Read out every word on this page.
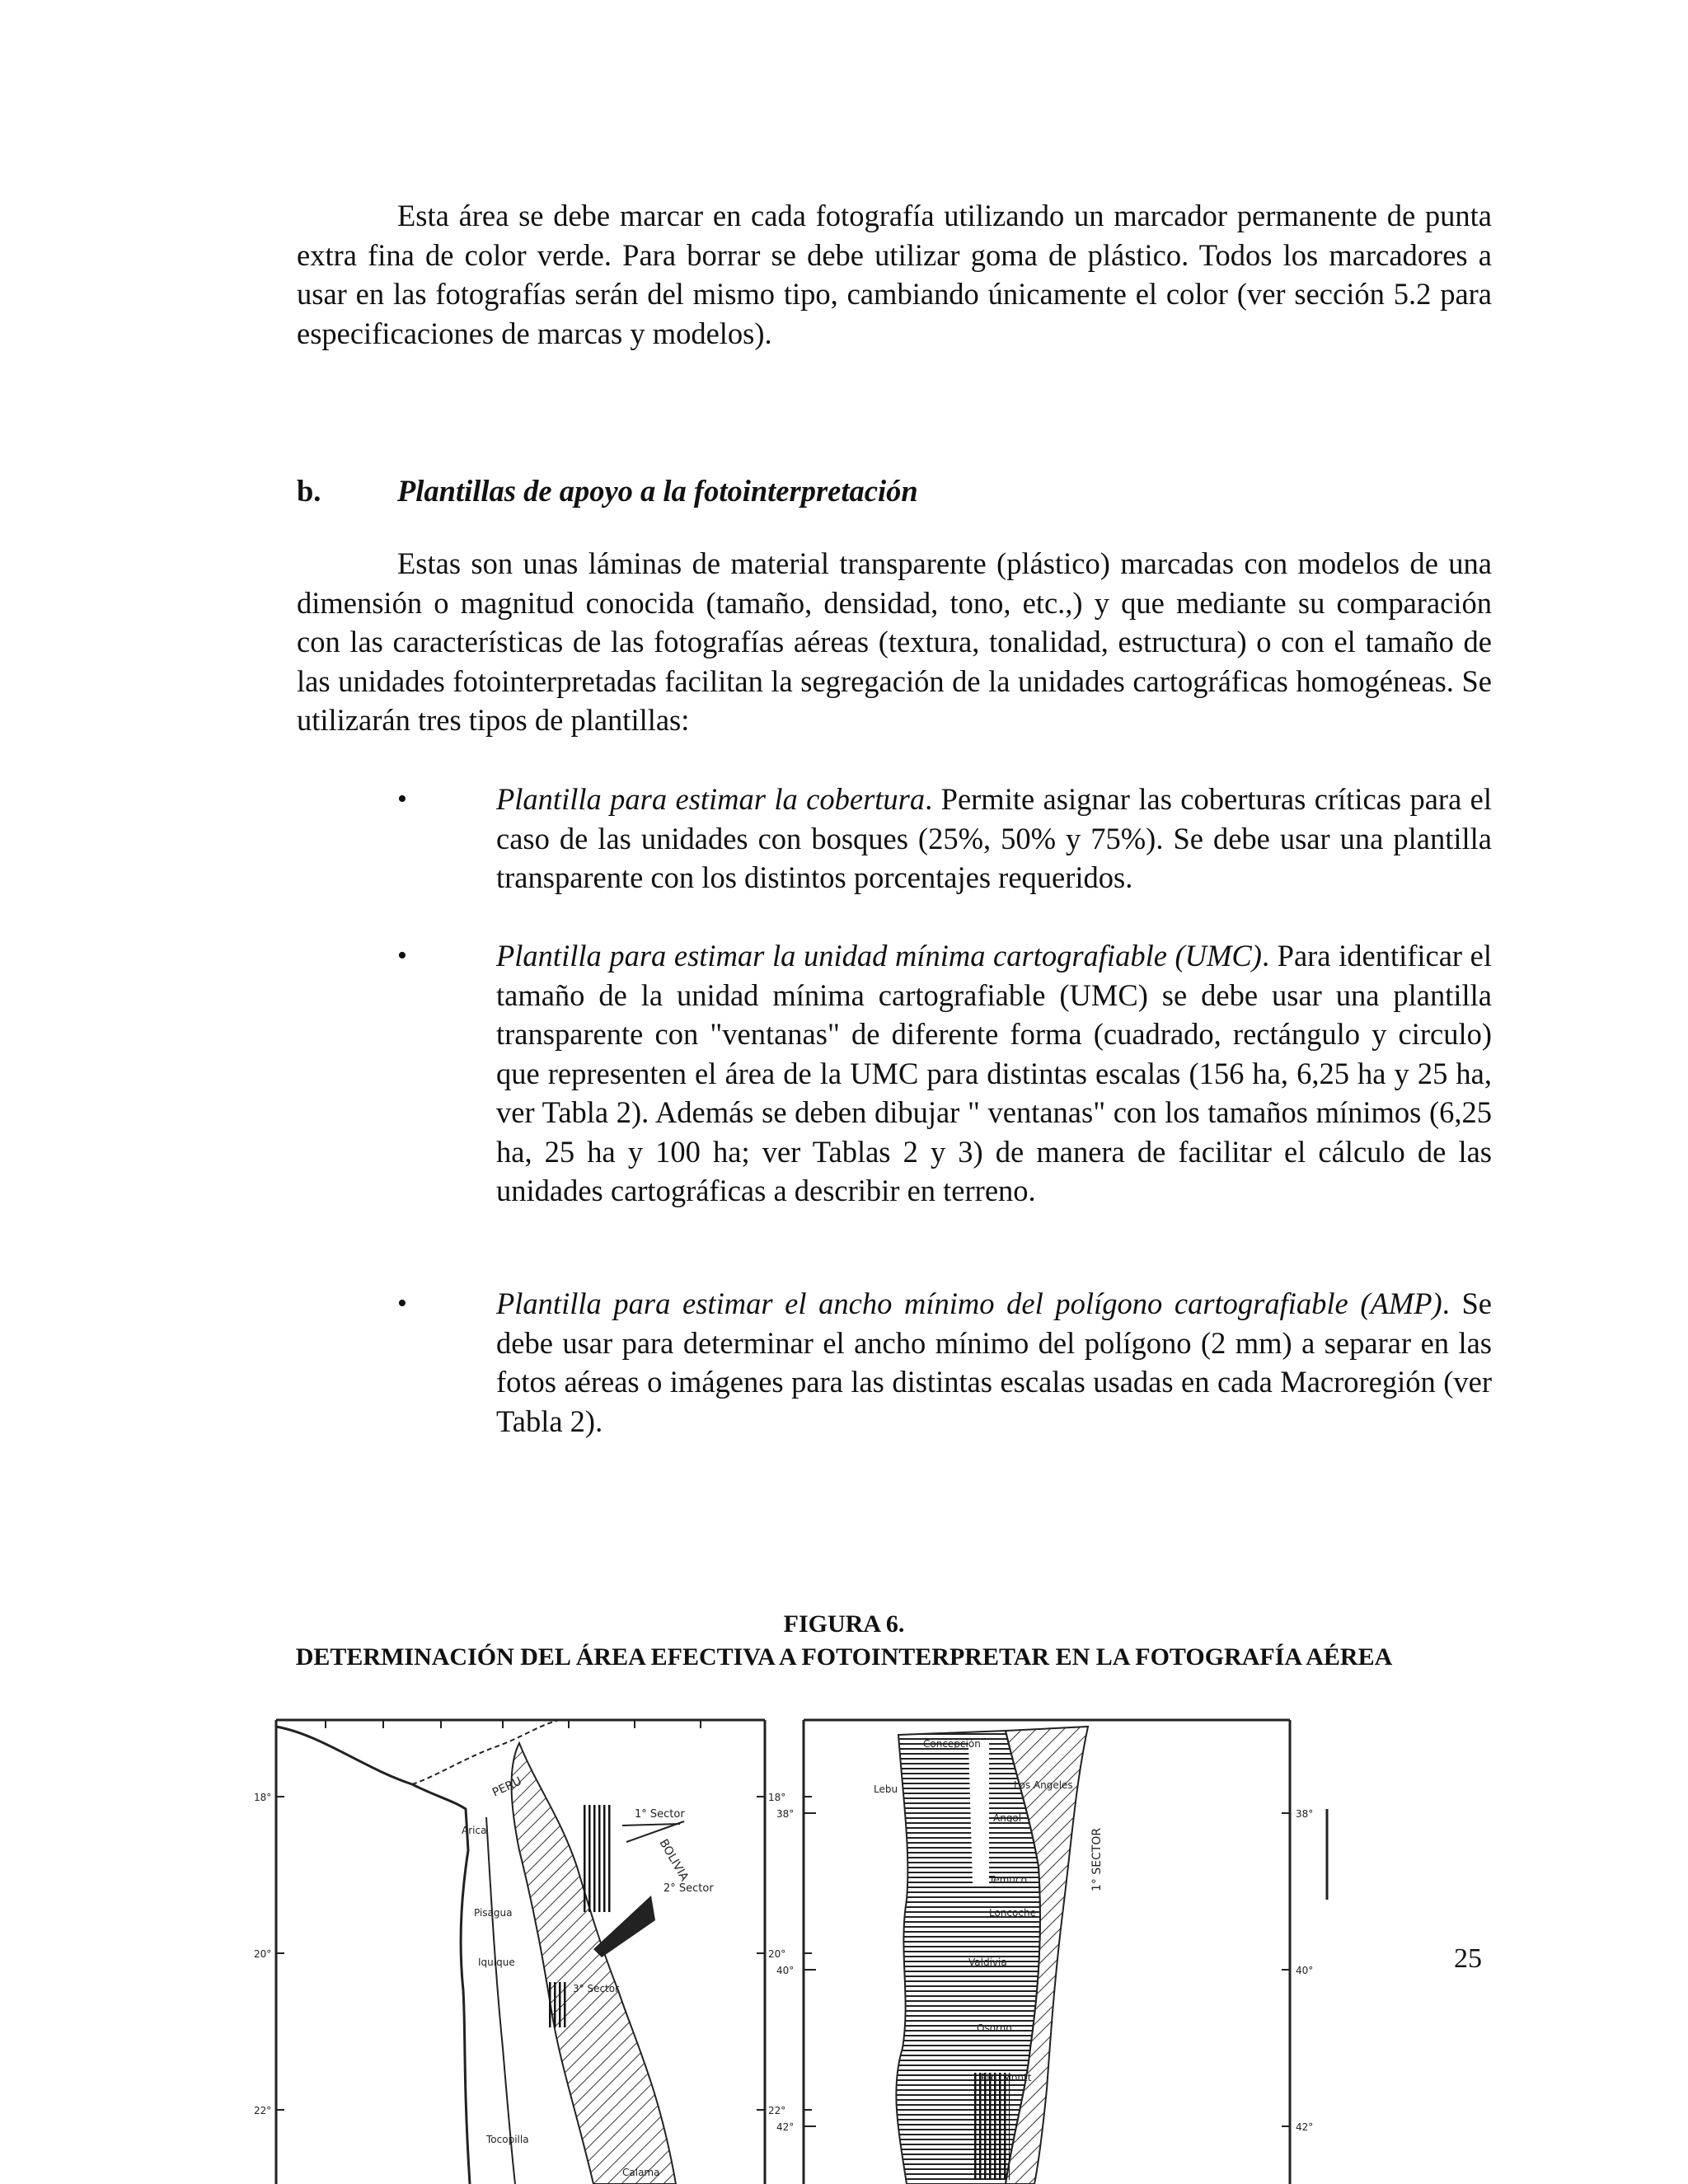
Esta área se debe marcar en cada fotografía utilizando un marcador permanente de punta extra fina de color verde. Para borrar se debe utilizar goma de plástico. Todos los marcadores a usar en las fotografías serán del mismo tipo, cambiando únicamente el color (ver sección 5.2 para especificaciones de marcas y modelos).

b.	Plantillas de apoyo a la fotointerpretación

Estas son unas láminas de material transparente (plástico) marcadas con modelos de una dimensión o magnitud conocida (tamaño, densidad, tono, etc.,) y que mediante su comparación con las características de las fotografías aéreas (textura, tonalidad, estructura) o con el tamaño de las unidades fotointerpretadas facilitan la segregación de la unidades cartográficas homogéneas. Se utilizarán tres tipos de plantillas:

•	Plantilla para estimar la cobertura. Permite asignar las coberturas críticas para el caso de las unidades con bosques (25%, 50% y 75%). Se debe usar una plantilla transparente con los distintos porcentajes requeridos.

•	Plantilla para estimar la unidad mínima cartografiable (UMC). Para identificar el tamaño de la unidad mínima cartografiable (UMC) se debe usar una plantilla transparente con "ventanas" de diferente forma (cuadrado, rectángulo y circulo) que representen el área de la UMC para distintas escalas (156 ha, 6,25 ha y 25 ha, ver Tabla 2). Además se deben dibujar " ventanas" con los tamaños mínimos (6,25 ha, 25 ha y 100 ha; ver Tablas 2 y 3) de manera de facilitar el cálculo de las unidades cartográficas a describir en terreno.

•	Plantilla para estimar el ancho mínimo del polígono cartografiable (AMP). Se debe usar para determinar el ancho mínimo del polígono (2 mm) a separar en las fotos aéreas o imágenes para las distintas escalas usadas en cada Macroregión (ver Tabla 2).

FIGURA 6.

DETERMINACIÓN DEL ÁREA EFECTIVA A FOTOINTERPRETAR EN LA FOTOGRAFÍA AÉREA

PERU
BOLIVIA
1° Sector
2° Sector
3° Sector
Arica
Pisagua
Iquique
Tocopilla
Calama
18°
20°
22°
Concepción
Lebu	Los Angeles
Angol
Temuco
Loncoche
Valdivia
Osorno
Pto. Montt
1° SECTOR
18°
20°
22°
38°
40°
42°
38°
40°
42°
25
